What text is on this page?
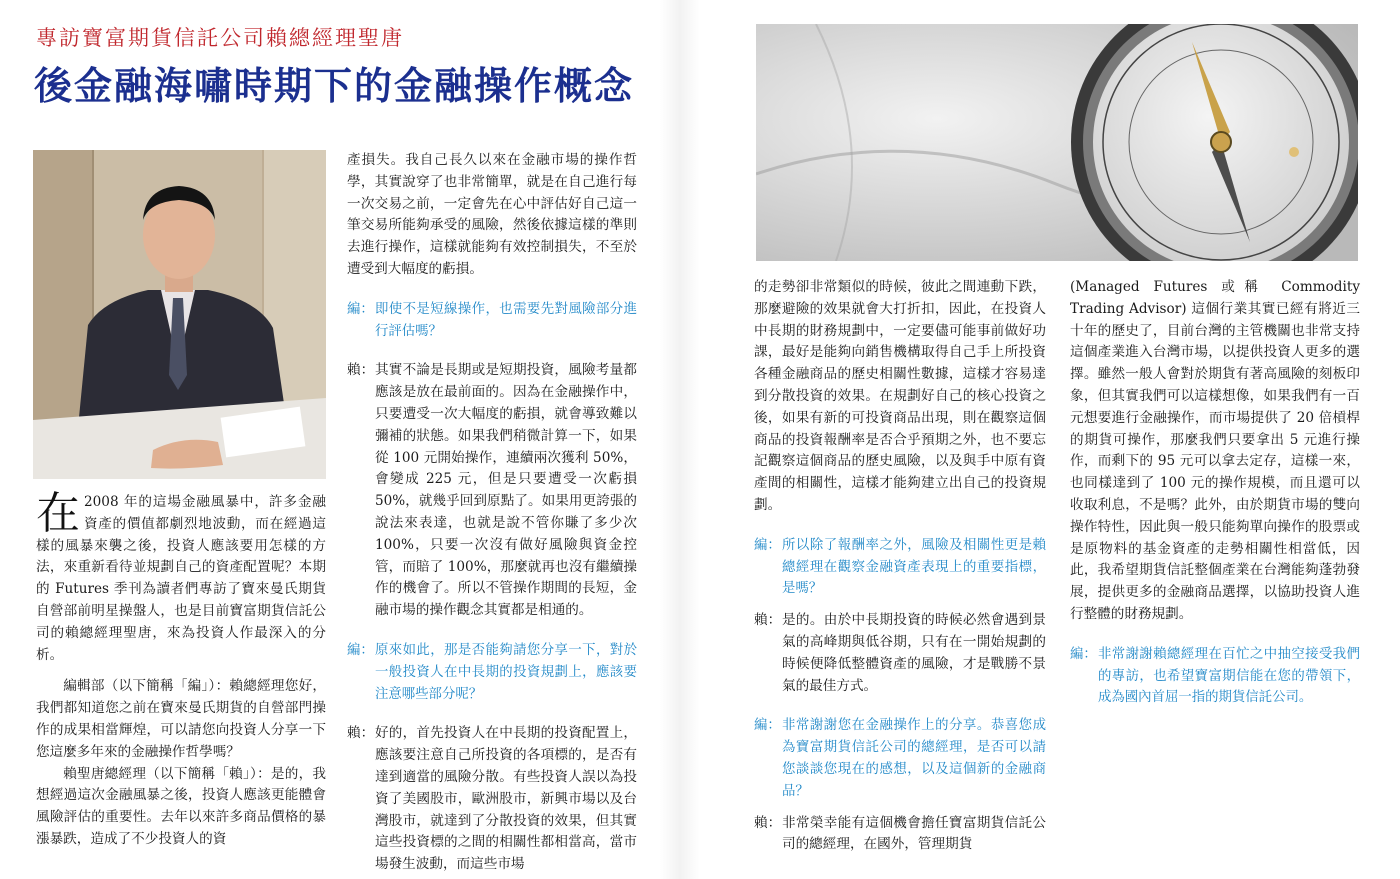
專訪寶富期貨信託公司賴總經理聖唐
後金融海嘯時期下的金融操作概念

在 2008 年的這場金融風暴中，許多金融資產的價值都劇烈地波動，而在經過這樣的風暴來襲之後，投資人應該要用怎樣的方法，來重新看待並規劃自己的資產配置呢？本期的 Futures 季刊為讀者們專訪了寶來曼氏期貨自營部前明星操盤人，也是目前寶富期貨信託公司的賴總經理聖唐，來為投資人作最深入的分析。

編輯部（以下簡稱「編」）：賴總經理您好，我們都知道您之前在寶來曼氏期貨的自營部門操作的成果相當輝煌，可以請您向投資人分享一下您這麼多年來的金融操作哲學嗎？

賴聖唐總經理（以下簡稱「賴」）：是的，我想經過這次金融風暴之後，投資人應該更能體會風險評估的重要性。去年以來許多商品價格的暴漲暴跌，造成了不少投資人的資

產損失。我自己長久以來在金融市場的操作哲學，其實說穿了也非常簡單，就是在自己進行每一次交易之前，一定會先在心中評估好自己這一筆交易所能夠承受的風險，然後依據這樣的準則去進行操作，這樣就能夠有效控制損失，不至於遭受到大幅度的虧損。

編： 即使不是短線操作，也需要先對風險部分進行評估嗎？
賴： 其實不論是長期或是短期投資，風險考量都應該是放在最前面的。因為在金融操作中，只要遭受一次大幅度的虧損，就會導致難以彌補的狀態。如果我們稍微計算一下，如果從 100 元開始操作，連續兩次獲利 50%，會變成 225 元，但是只要遭受一次虧損 50%，就幾乎回到原點了。如果用更誇張的說法來表達，也就是說不管你賺了多少次 100%，只要一次沒有做好風險與資金控管，而賠了 100%，那麼就再也沒有繼續操作的機會了。所以不管操作期間的長短，金融市場的操作觀念其實都是相通的。
編： 原來如此，那是否能夠請您分享一下，對於一般投資人在中長期的投資規劃上，應該要注意哪些部分呢？
賴： 好的，首先投資人在中長期的投資配置上，應該要注意自己所投資的各項標的，是否有達到適當的風險分散。有些投資人誤以為投資了美國股市，歐洲股市，新興市場以及台灣股市，就達到了分散投資的效果，但其實這些投資標的之間的相關性都相當高，當市場發生波動，而這些市場

的走勢卻非常類似的時候，彼此之間連動下跌，那麼避險的效果就會大打折扣，因此，在投資人中長期的財務規劃中，一定要儘可能事前做好功課，最好是能夠向銷售機構取得自己手上所投資各種金融商品的歷史相關性數據，這樣才容易達到分散投資的效果。在規劃好自己的核心投資之後，如果有新的可投資商品出現，則在觀察這個商品的投資報酬率是否合乎預期之外，也不要忘記觀察這個商品的歷史風險，以及與手中原有資產間的相關性，這樣才能夠建立出自己的投資規劃。

編： 所以除了報酬率之外，風險及相關性更是賴總經理在觀察金融資產表現上的重要指標，是嗎？
賴： 是的。由於中長期投資的時候必然會遇到景氣的高峰期與低谷期，只有在一開始規劃的時候便降低整體資產的風險，才是戰勝不景氣的最佳方式。
編： 非常謝謝您在金融操作上的分享。恭喜您成為寶富期貨信託公司的總經理，是否可以請您談談您現在的感想，以及這個新的金融商品？
賴： 非常榮幸能有這個機會擔任寶富期貨信託公司的總經理，在國外，管理期貨

(Managed Futures 或稱 Commodity Trading Advisor) 這個行業其實已經有將近三十年的歷史了，目前台灣的主管機關也非常支持這個產業進入台灣市場，以提供投資人更多的選擇。雖然一般人會對於期貨有著高風險的刻板印象，但其實我們可以這樣想像，如果我們有一百元想要進行金融操作，而市場提供了 20 倍槓桿的期貨可操作，那麼我們只要拿出 5 元進行操作，而剩下的 95 元可以拿去定存，這樣一來，也同樣達到了 100 元的操作規模，而且還可以收取利息，不是嗎？此外，由於期貨市場的雙向操作特性，因此與一般只能夠單向操作的股票或是原物料的基金資產的走勢相關性相當低，因此，我希望期貨信託整個產業在台灣能夠蓬勃發展，提供更多的金融商品選擇，以協助投資人進行整體的財務規劃。

編： 非常謝謝賴總經理在百忙之中抽空接受我們的專訪，也希望寶富期信能在您的帶領下，成為國內首屈一指的期貨信託公司。
